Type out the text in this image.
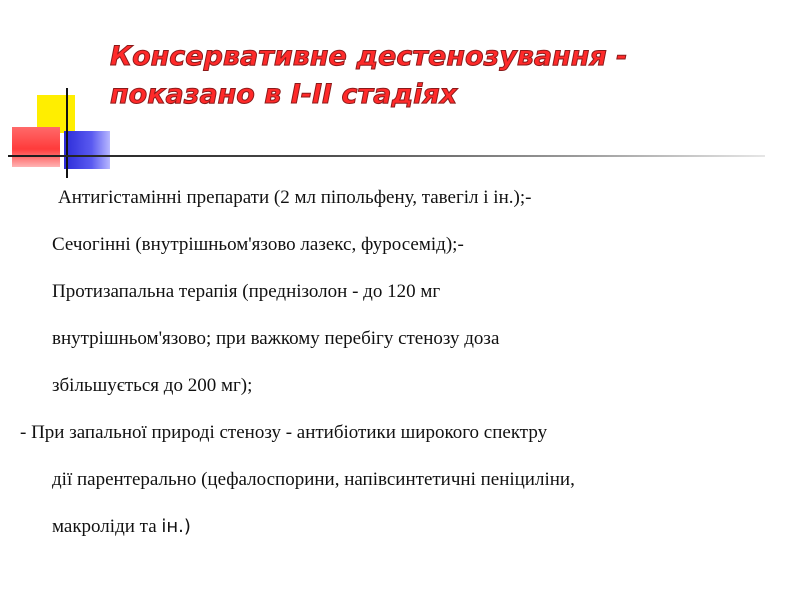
Консервативне дестенозування -
показано в I-II стадіях
Антигістамінні препарати (2 мл піпольфену, тавегіл і ін.);-
Сечогінні (внутрішньом'язово лазекс, фуросемід);-
Протизапальна терапія (преднізолон - до 120 мг
внутрішньом'язово; при важкому перебігу стенозу доза
збільшується до 200 мг);
- При запальної природі стенозу - антибіотики широкого спектру
дії парентерально (цефалоспорини, напівсинтетичні пеніциліни,
макроліди та ін.)
